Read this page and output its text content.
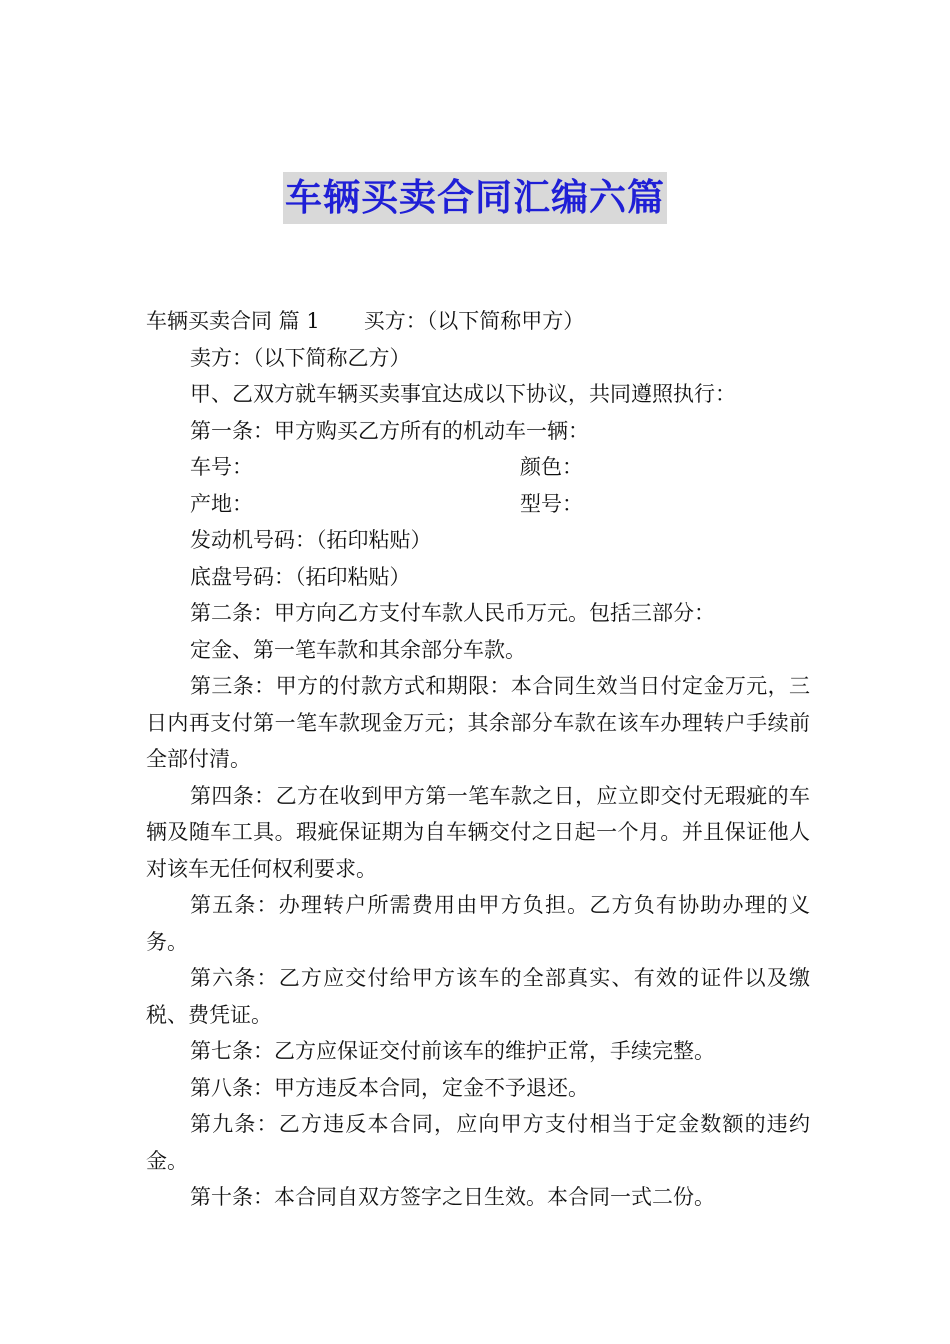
车辆买卖合同汇编六篇

车辆买卖合同 篇 1 买方：（以下简称甲方）

卖方：（以下简称乙方）

甲、乙双方就车辆买卖事宜达成以下协议，共同遵照执行：

第一条：甲方购买乙方所有的机动车一辆：

车号：	颜色：
产地：	型号：

发动机号码：（拓印粘贴）

底盘号码：（拓印粘贴）

第二条：甲方向乙方支付车款人民币万元。包括三部分：

定金、第一笔车款和其余部分车款。

第三条：甲方的付款方式和期限：本合同生效当日付定金万元，三日内再支付第一笔车款现金万元；其余部分车款在该车办理转户手续前全部付清。

第四条：乙方在收到甲方第一笔车款之日，应立即交付无瑕疵的车辆及随车工具。瑕疵保证期为自车辆交付之日起一个月。并且保证他人对该车无任何权利要求。

第五条：办理转户所需费用由甲方负担。乙方负有协助办理的义务。

第六条：乙方应交付给甲方该车的全部真实、有效的证件以及缴税、费凭证。

第七条：乙方应保证交付前该车的维护正常，手续完整。

第八条：甲方违反本合同，定金不予退还。

第九条：乙方违反本合同，应向甲方支付相当于定金数额的违约金。

第十条：本合同自双方签字之日生效。本合同一式二份。
